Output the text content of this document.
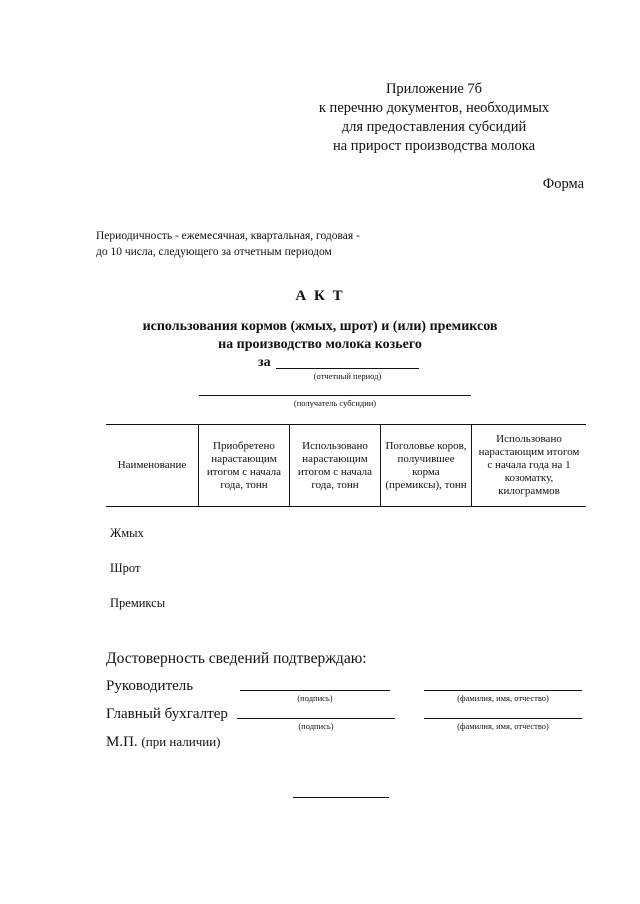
Приложение 7б
к перечню документов, необходимых
для предоставления субсидий
на прирост производства молока
Форма
Периодичность - ежемесячная, квартальная, годовая -
до 10 числа, следующего за отчетным периодом
А К Т
использования кормов (жмых, шрот) и (или) премиксов
на производство молока козьего
за
(отчетный период)
(получатель субсидии)
Наименование	Приобретено нарастающим итогом с начала года, тонн	Использовано нарастающим итогом с начала года, тонн	Поголовье коров, получившее корма (премиксы), тонн	Использовано нарастающим итогом с начала года на 1 козоматку, килограммов
Жмых
Шрот
Премиксы
Достоверность сведений подтверждаю:
Руководитель
(подпись)	(фамилия, имя, отчество)
Главный бухгалтер
(подпись)	(фамилия, имя, отчество)
М.П. (при наличии)
